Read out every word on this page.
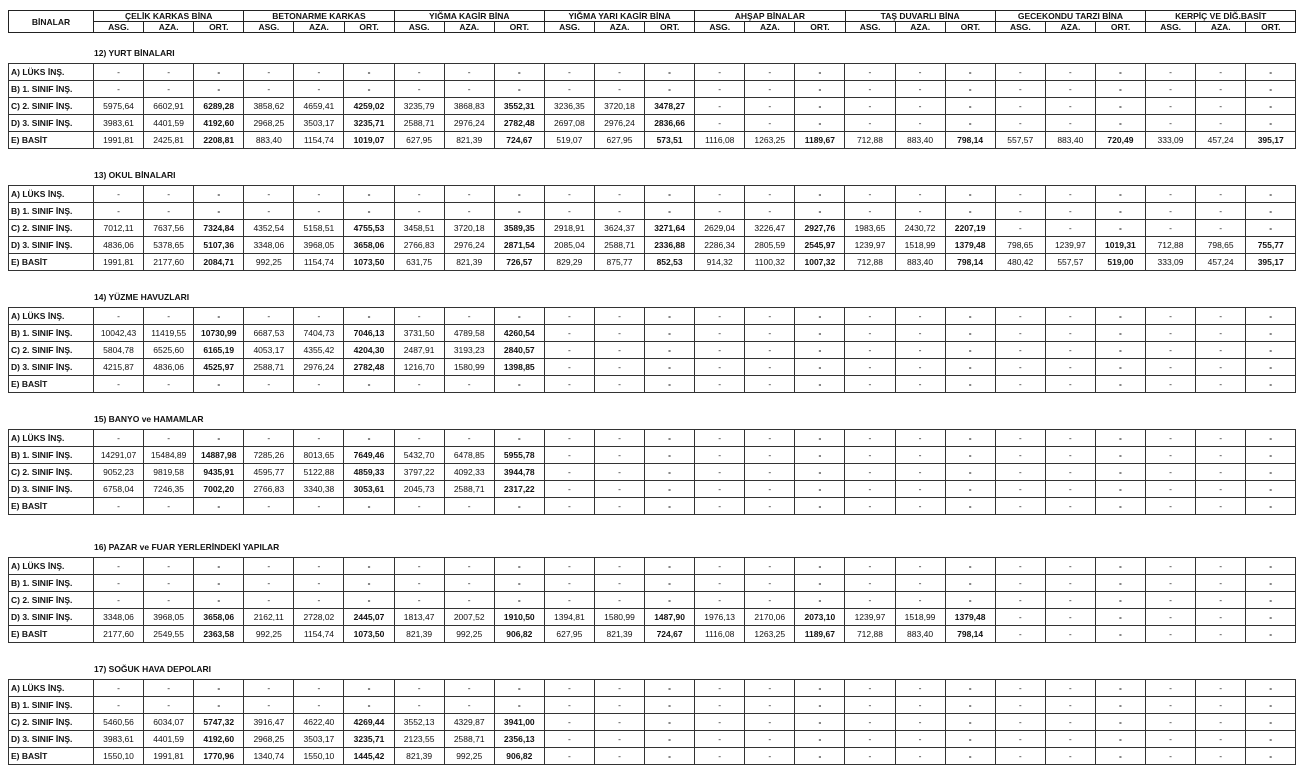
BİNALAR	ÇELİK KARKAS BİNA			BETONARME KARKAS			YIĞMA KAGİR BİNA			YIĞMA YARI KAGİR BİNA			AHŞAP BİNALAR			TAŞ DUVARLI BİNA			GECEKONDU TARZI BİNA			KERPİÇ VE DİĞ.BASİT		
	ASG.	AZA.	ORT.	ASG.	AZA.	ORT.	ASG.	AZA.	ORT.	ASG.	AZA.	ORT.	ASG.	AZA.	ORT.	ASG.	AZA.	ORT.	ASG.	AZA.	ORT.	ASG.	AZA.	ORT.
12) YURT BİNALARI
A) LÜKS İNŞ.	-	-	-	-	-	-	-	-	-	-	-	-	-	-	-	-	-	-	-	-	-	-	-	-
B) 1. SINIF İNŞ.	-	-	-	-	-	-	-	-	-	-	-	-	-	-	-	-	-	-	-	-	-	-	-	-
C) 2. SINIF İNŞ.	5975,64	6602,91	6289,28	3858,62	4659,41	4259,02	3235,79	3868,83	3552,31	3236,35	3720,18	3478,27	-	-	-	-	-	-	-	-	-	-	-	-
D) 3. SINIF İNŞ.	3983,61	4401,59	4192,60	2968,25	3503,17	3235,71	2588,71	2976,24	2782,48	2697,08	2976,24	2836,66	-	-	-	-	-	-	-	-	-	-	-	-
E) BASİT	1991,81	2425,81	2208,81	883,40	1154,74	1019,07	627,95	821,39	724,67	519,07	627,95	573,51	1116,08	1263,25	1189,67	712,88	883,40	798,14	557,57	883,40	720,49	333,09	457,24	395,17
13) OKUL BİNALARI
A) LÜKS İNŞ.	-	-	-	-	-	-	-	-	-	-	-	-	-	-	-	-	-	-	-	-	-	-	-	-
B) 1. SINIF İNŞ.	-	-	-	-	-	-	-	-	-	-	-	-	-	-	-	-	-	-	-	-	-	-	-	-
C) 2. SINIF İNŞ.	7012,11	7637,56	7324,84	4352,54	5158,51	4755,53	3458,51	3720,18	3589,35	2918,91	3624,37	3271,64	2629,04	3226,47	2927,76	1983,65	2430,72	2207,19	-	-	-	-	-	-
D) 3. SINIF İNŞ.	4836,06	5378,65	5107,36	3348,06	3968,05	3658,06	2766,83	2976,24	2871,54	2085,04	2588,71	2336,88	2286,34	2805,59	2545,97	1239,97	1518,99	1379,48	798,65	1239,97	1019,31	712,88	798,65	755,77
E) BASİT	1991,81	2177,60	2084,71	992,25	1154,74	1073,50	631,75	821,39	726,57	829,29	875,77	852,53	914,32	1100,32	1007,32	712,88	883,40	798,14	480,42	557,57	519,00	333,09	457,24	395,17
14) YÜZME HAVUZLARI
A) LÜKS İNŞ.	-	-	-	-	-	-	-	-	-	-	-	-	-	-	-	-	-	-	-	-	-	-	-	-
B) 1. SINIF İNŞ.	10042,43	11419,55	10730,99	6687,53	7404,73	7046,13	3731,50	4789,58	4260,54	-	-	-	-	-	-	-	-	-	-	-	-	-	-	-
C) 2. SINIF İNŞ.	5804,78	6525,60	6165,19	4053,17	4355,42	4204,30	2487,91	3193,23	2840,57	-	-	-	-	-	-	-	-	-	-	-	-	-	-	-
D) 3. SINIF İNŞ.	4215,87	4836,06	4525,97	2588,71	2976,24	2782,48	1216,70	1580,99	1398,85	-	-	-	-	-	-	-	-	-	-	-	-	-	-	-
E) BASİT	-	-	-	-	-	-	-	-	-	-	-	-	-	-	-	-	-	-	-	-	-	-	-	-
15) BANYO ve HAMAMLAR
A) LÜKS İNŞ.	-	-	-	-	-	-	-	-	-	-	-	-	-	-	-	-	-	-	-	-	-	-	-	-
B) 1. SINIF İNŞ.	14291,07	15484,89	14887,98	7285,26	8013,65	7649,46	5432,70	6478,85	5955,78	-	-	-	-	-	-	-	-	-	-	-	-	-	-	-
C) 2. SINIF İNŞ.	9052,23	9819,58	9435,91	4595,77	5122,88	4859,33	3797,22	4092,33	3944,78	-	-	-	-	-	-	-	-	-	-	-	-	-	-	-
D) 3. SINIF İNŞ.	6758,04	7246,35	7002,20	2766,83	3340,38	3053,61	2045,73	2588,71	2317,22	-	-	-	-	-	-	-	-	-	-	-	-	-	-	-
E) BASİT	-	-	-	-	-	-	-	-	-	-	-	-	-	-	-	-	-	-	-	-	-	-	-	-
16) PAZAR ve FUAR YERLERİNDEKİ YAPILAR
A) LÜKS İNŞ.	-	-	-	-	-	-	-	-	-	-	-	-	-	-	-	-	-	-	-	-	-	-	-	-
B) 1. SINIF İNŞ.	-	-	-	-	-	-	-	-	-	-	-	-	-	-	-	-	-	-	-	-	-	-	-	-
C) 2. SINIF İNŞ.	-	-	-	-	-	-	-	-	-	-	-	-	-	-	-	-	-	-	-	-	-	-	-	-
D) 3. SINIF İNŞ.	3348,06	3968,05	3658,06	2162,11	2728,02	2445,07	1813,47	2007,52	1910,50	1394,81	1580,99	1487,90	1976,13	2170,06	2073,10	1239,97	1518,99	1379,48	-	-	-	-	-	-
E) BASİT	2177,60	2549,55	2363,58	992,25	1154,74	1073,50	821,39	992,25	906,82	627,95	821,39	724,67	1116,08	1263,25	1189,67	712,88	883,40	798,14	-	-	-	-	-	-
17) SOĞUK HAVA DEPOLARI
A) LÜKS İNŞ.	-	-	-	-	-	-	-	-	-	-	-	-	-	-	-	-	-	-	-	-	-	-	-	-
B) 1. SINIF İNŞ.	-	-	-	-	-	-	-	-	-	-	-	-	-	-	-	-	-	-	-	-	-	-	-	-
C) 2. SINIF İNŞ.	5460,56	6034,07	5747,32	3916,47	4622,40	4269,44	3552,13	4329,87	3941,00	-	-	-	-	-	-	-	-	-	-	-	-	-	-	-
D) 3. SINIF İNŞ.	3983,61	4401,59	4192,60	2968,25	3503,17	3235,71	2123,55	2588,71	2356,13	-	-	-	-	-	-	-	-	-	-	-	-	-	-	-
E) BASİT	1550,10	1991,81	1770,96	1340,74	1550,10	1445,42	821,39	992,25	906,82	-	-	-	-	-	-	-	-	-	-	-	-	-	-	-
